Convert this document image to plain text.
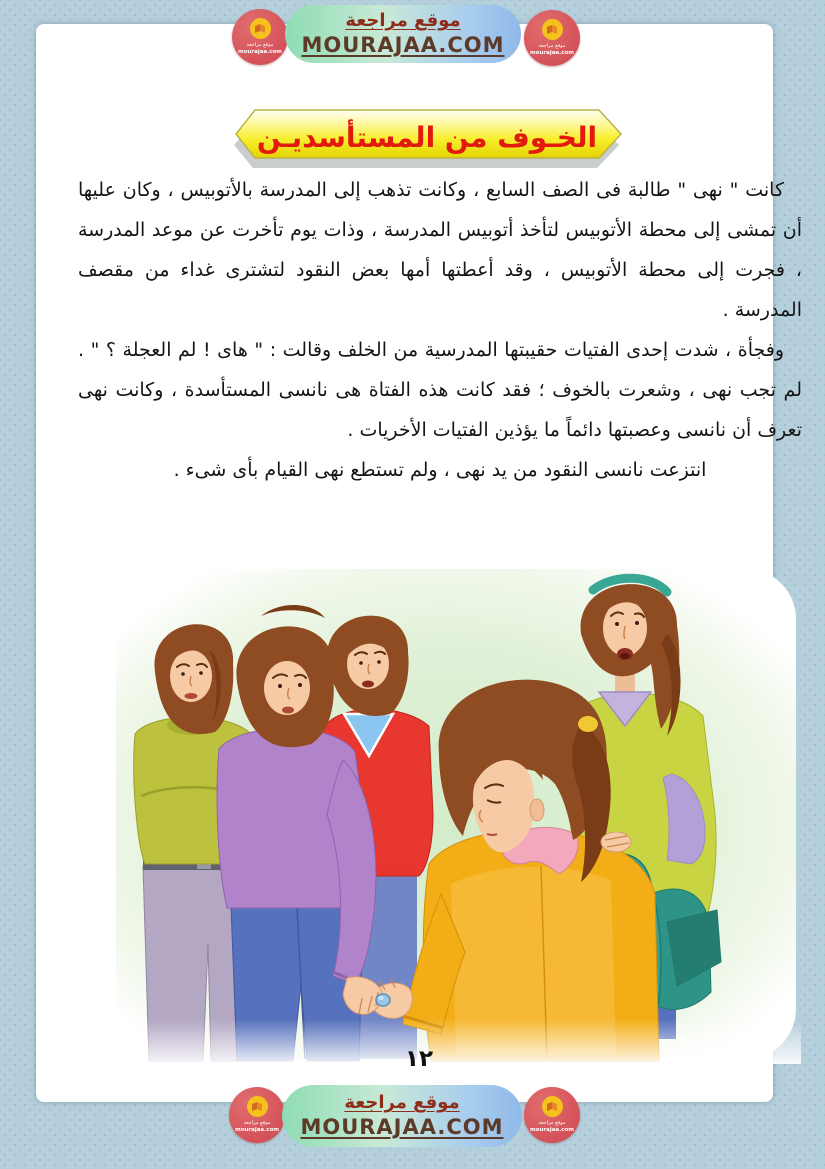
الخـوف من المستأسديـن

كانت " نهى " طالبة فى الصف السابع ، وكانت تذهب إلى المدرسة بالأتوبيس ، وكان عليها أن تمشى إلى محطة الأتوبيس لتأخذ أتوبيس المدرسة ، وذات يوم تأخرت عن موعد المدرسة ، فجرت إلى محطة الأتوبيس ، وقد أعطتها أمها بعض النقود لتشترى غداء من مقصف المدرسة .

وفجأة ، شدت إحدى الفتيات حقيبتها المدرسية من الخلف وقالت : " هاى ! لم العجلة ؟ " . لم تجب نهى ، وشعرت بالخوف ؛ فقد كانت هذه الفتاة هى نانسى المستأسدة ، وكانت نهى تعرف أن نانسى وعصبتها دائماً ما يؤذين الفتيات الأخريات .

انتزعت نانسى النقود من يد نهى ، ولم تستطع نهى القيام بأى شىء .

١٢
موقع مراجعة
mourajaa.com
موقع مراجعة
mourajaa.com
موقع مراجعة
MOURAJAA.COM
موقع مراجعة
mourajaa.com
موقع مراجعة
mourajaa.com
موقع مراجعة
MOURAJAA.COM
